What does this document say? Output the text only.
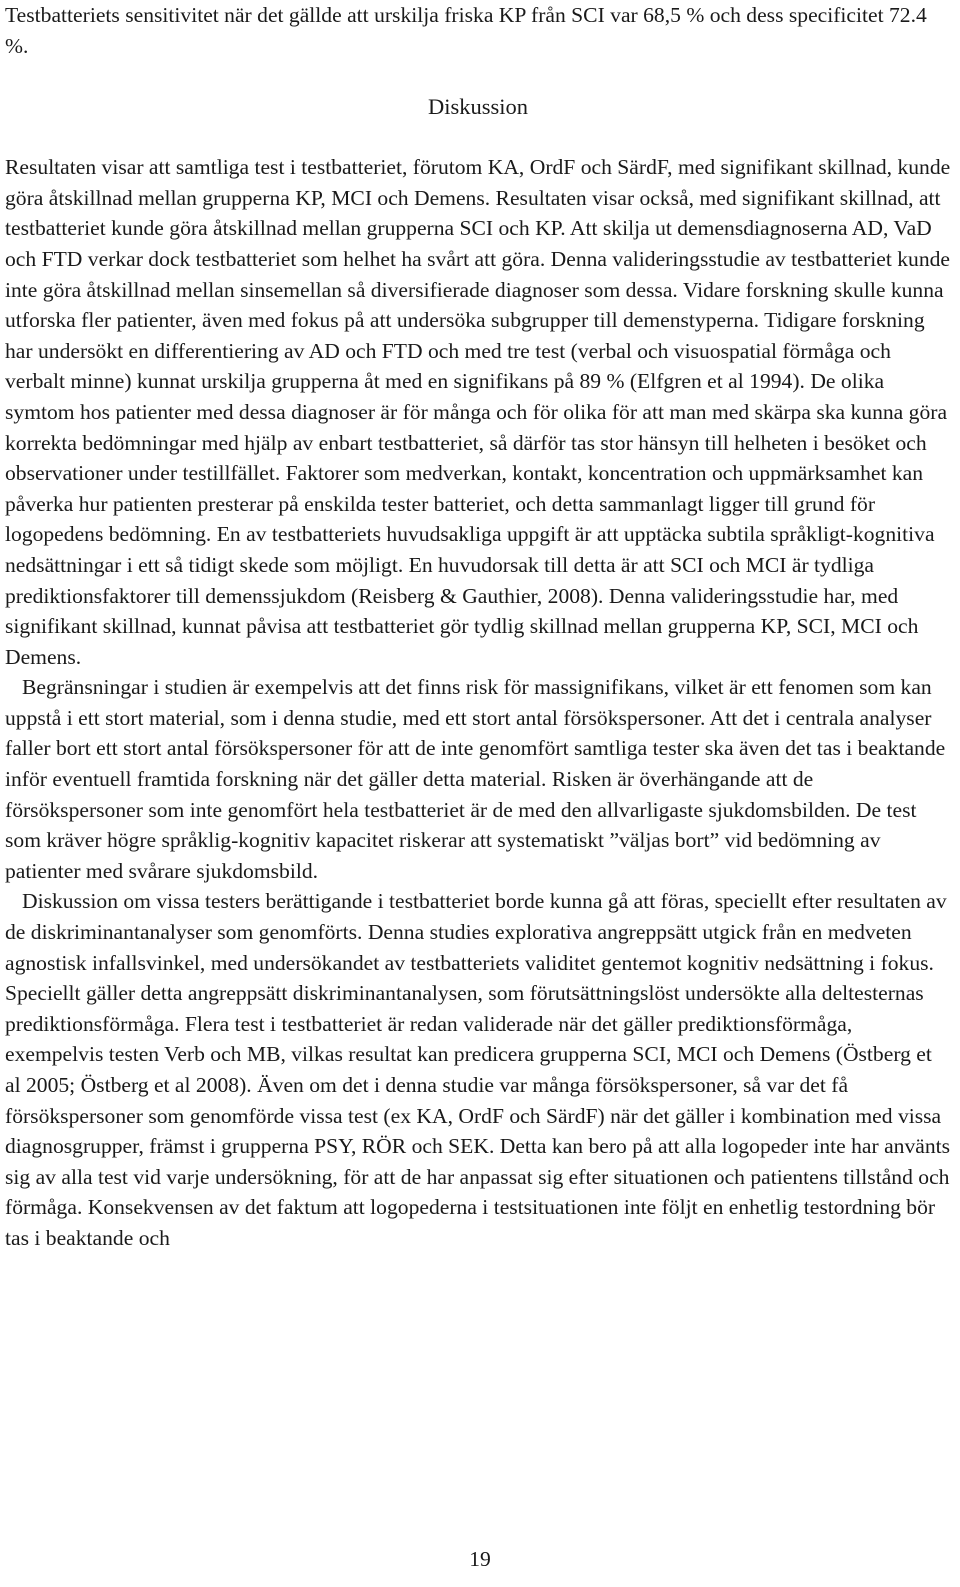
Testbatteriets sensitivitet när det gällde att urskilja friska KP från SCI var 68,5 % och dess specificitet 72.4 %.

Diskussion

Resultaten visar att samtliga test i testbatteriet, förutom KA, OrdF och SärdF, med signifikant skillnad, kunde göra åtskillnad mellan grupperna KP, MCI och Demens. Resultaten visar också, med signifikant skillnad, att testbatteriet kunde göra åtskillnad mellan grupperna SCI och KP. Att skilja ut demensdiagnoserna AD, VaD och FTD verkar dock testbatteriet som helhet ha svårt att göra. Denna valideringsstudie av testbatteriet kunde inte göra åtskillnad mellan sinsemellan så diversifierade diagnoser som dessa. Vidare forskning skulle kunna utforska fler patienter, även med fokus på att undersöka subgrupper till demenstyperna. Tidigare forskning har undersökt en differentiering av AD och FTD och med tre test (verbal och visuospatial förmåga och verbalt minne) kunnat urskilja grupperna åt med en signifikans på 89 % (Elfgren et al 1994). De olika symtom hos patienter med dessa diagnoser är för många och för olika för att man med skärpa ska kunna göra korrekta bedömningar med hjälp av enbart testbatteriet, så därför tas stor hänsyn till helheten i besöket och observationer under testillfället. Faktorer som medverkan, kontakt, koncentration och uppmärksamhet kan påverka hur patienten presterar på enskilda tester batteriet, och detta sammanlagt ligger till grund för logopedens bedömning. En av testbatteriets huvudsakliga uppgift är att upptäcka subtila språkligt-kognitiva nedsättningar i ett så tidigt skede som möjligt. En huvudorsak till detta är att SCI och MCI är tydliga prediktionsfaktorer till demenssjukdom (Reisberg & Gauthier, 2008). Denna valideringsstudie har, med signifikant skillnad, kunnat påvisa att testbatteriet gör tydlig skillnad mellan grupperna KP, SCI, MCI och Demens.

Begränsningar i studien är exempelvis att det finns risk för massignifikans, vilket är ett fenomen som kan uppstå i ett stort material, som i denna studie, med ett stort antal försökspersoner. Att det i centrala analyser faller bort ett stort antal försökspersoner för att de inte genomfört samtliga tester ska även det tas i beaktande inför eventuell framtida forskning när det gäller detta material. Risken är överhängande att de försökspersoner som inte genomfört hela testbatteriet är de med den allvarligaste sjukdomsbilden. De test som kräver högre språklig-kognitiv kapacitet riskerar att systematiskt ”väljas bort” vid bedömning av patienter med svårare sjukdomsbild.

Diskussion om vissa testers berättigande i testbatteriet borde kunna gå att föras, speciellt efter resultaten av de diskriminantanalyser som genomförts. Denna studies explorativa angreppsätt utgick från en medveten agnostisk infallsvinkel, med undersökandet av testbatteriets validitet gentemot kognitiv nedsättning i fokus. Speciellt gäller detta angreppsätt diskriminantanalysen, som förutsättningslöst undersökte alla deltesternas prediktionsförmåga. Flera test i testbatteriet är redan validerade när det gäller prediktionsförmåga, exempelvis testen Verb och MB, vilkas resultat kan predicera grupperna SCI, MCI och Demens (Östberg et al 2005; Östberg et al 2008). Även om det i denna studie var många försökspersoner, så var det få försökspersoner som genomförde vissa test (ex KA, OrdF och SärdF) när det gäller i kombination med vissa diagnosgrupper, främst i grupperna PSY, RÖR och SEK. Detta kan bero på att alla logopeder inte har använts sig av alla test vid varje undersökning, för att de har anpassat sig efter situationen och patientens tillstånd och förmåga. Konsekvensen av det faktum att logopederna i testsituationen inte följt en enhetlig testordning bör tas i beaktande och

19
